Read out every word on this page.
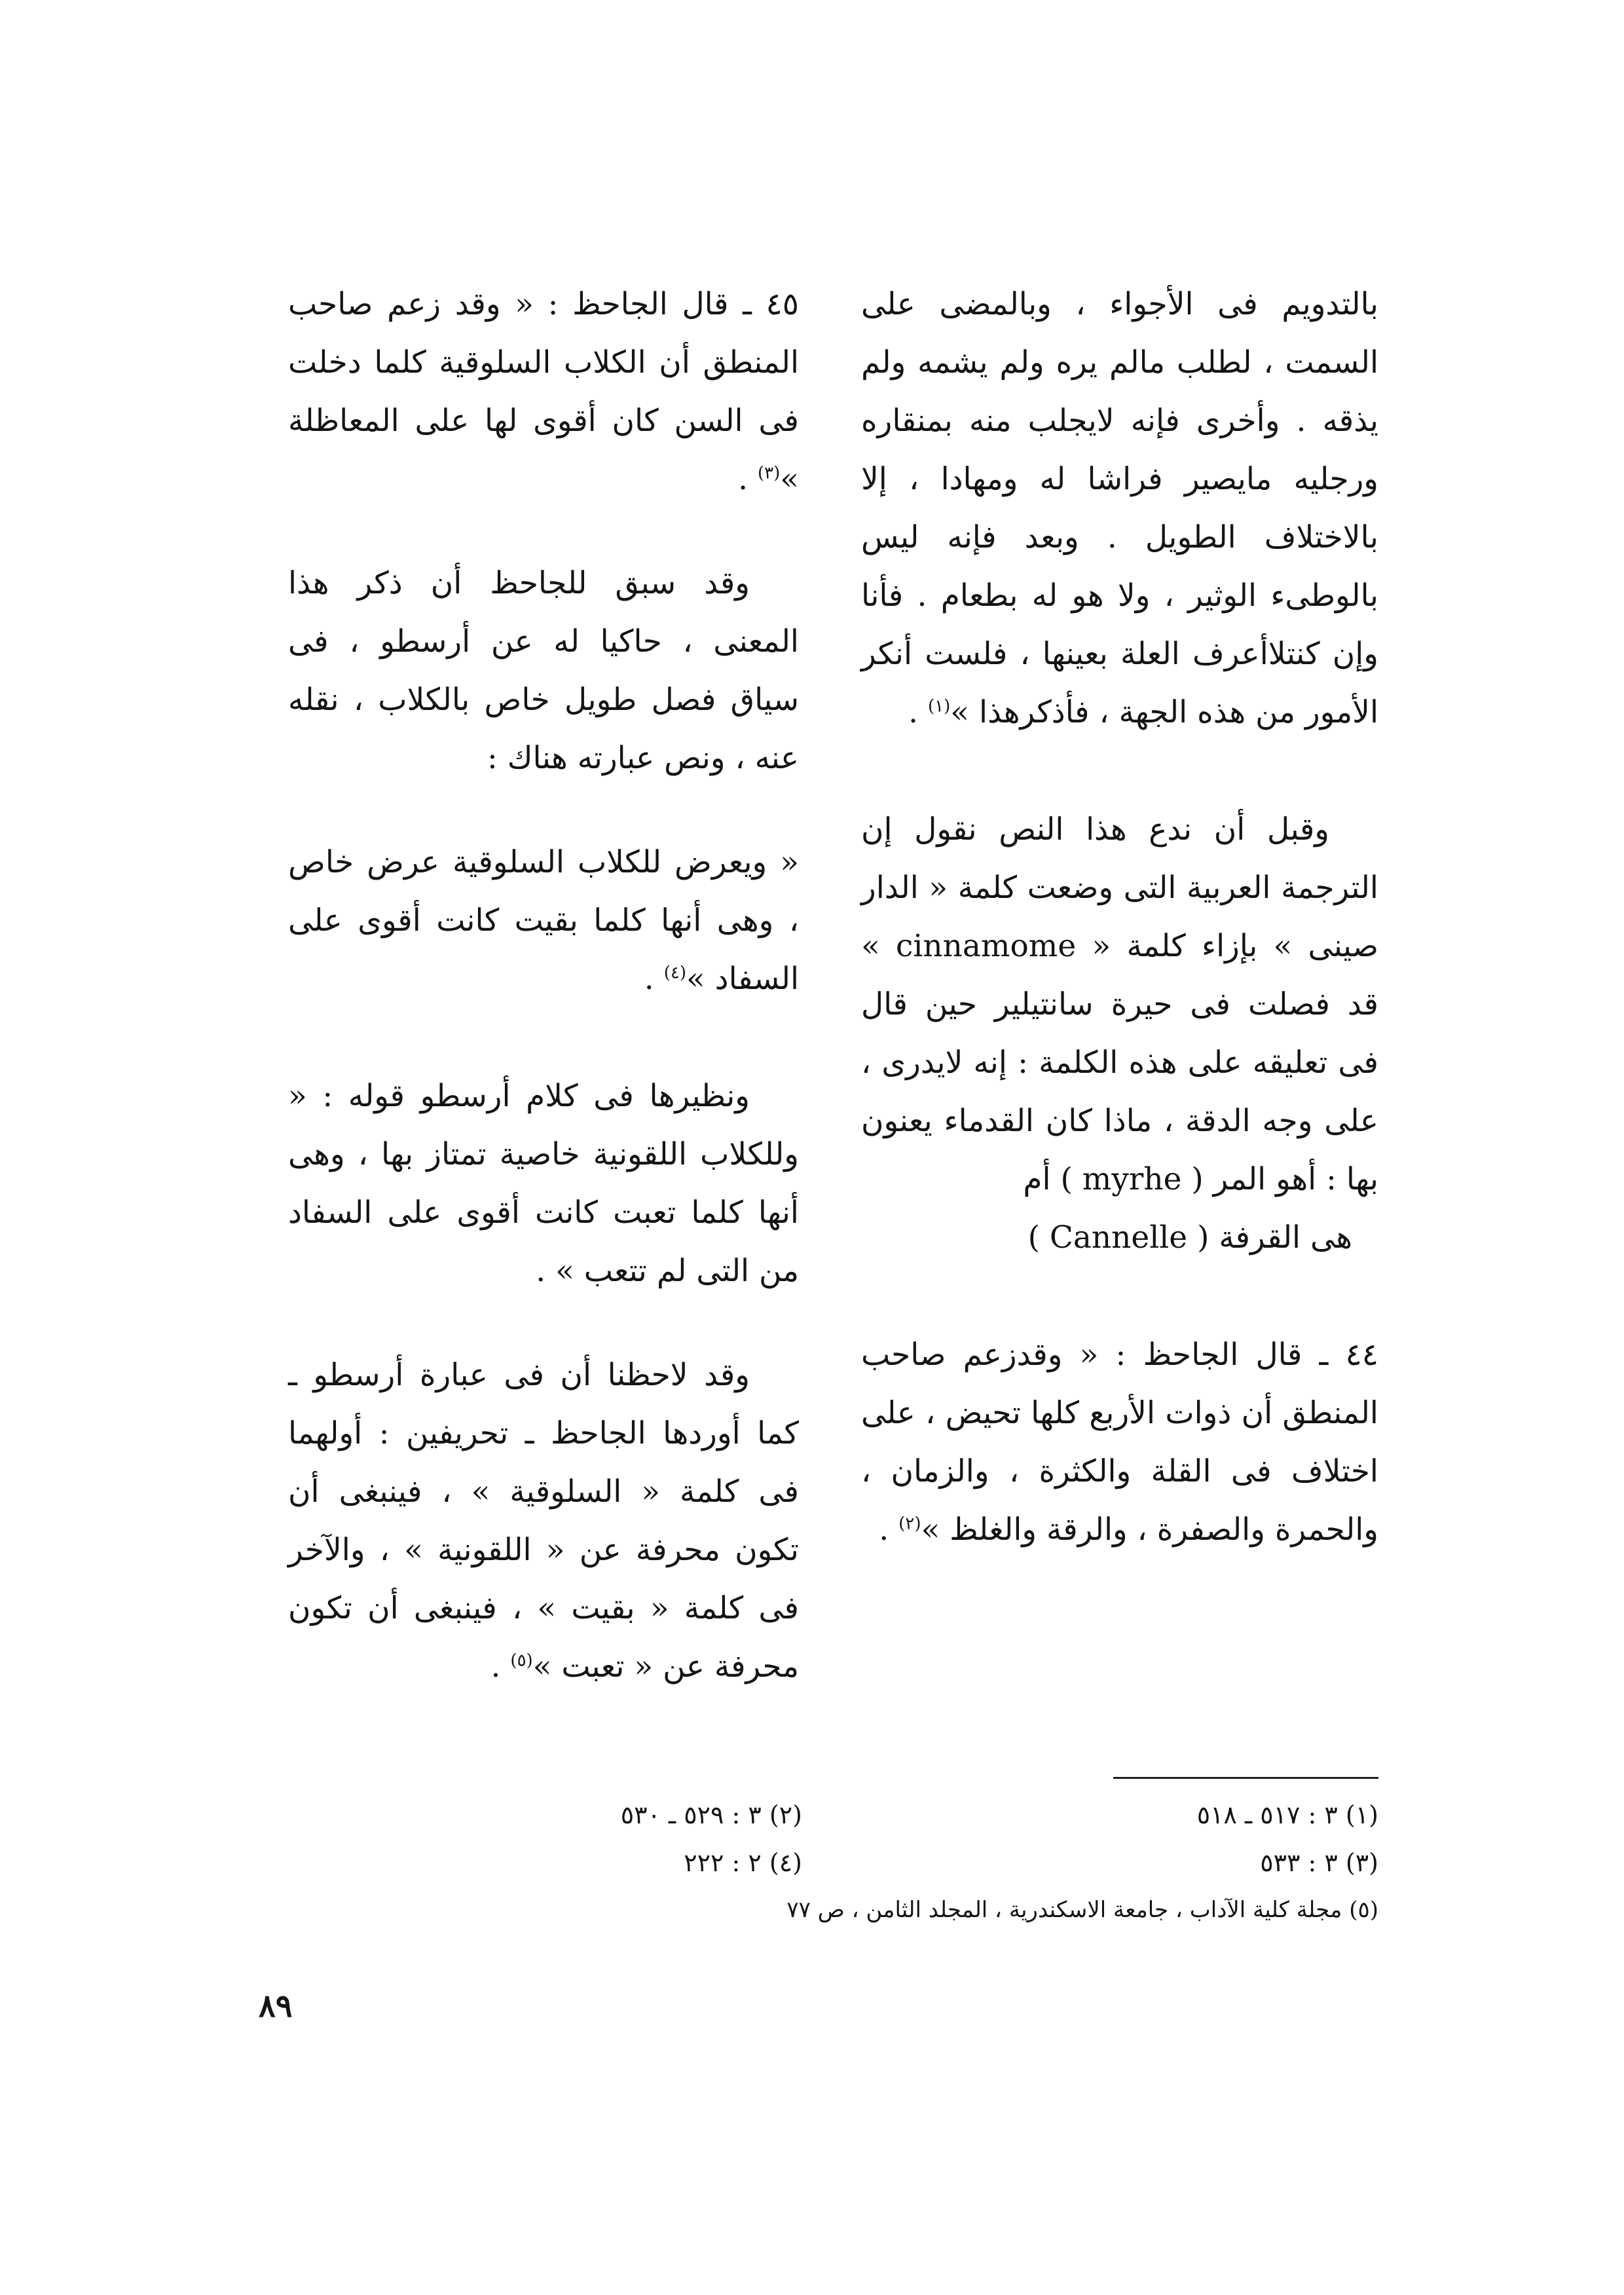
بالتدويم فى الأجواء ، وبالمضى على السمت ، لطلب مالم يره ولم يشمه ولم يذقه . وأخرى فإنه لايجلب منه بمنقاره ورجليه مايصير فراشا له ومهادا ، إلا بالاختلاف الطويل . وبعد فإنه ليس بالوطىء الوثير ، ولا هو له بطعام . فأنا وإن كنتلاأعرف العلة بعينها ، فلست أنكر الأمور من هذه الجهة ، فأذكرهذا »$^{(١)}$ .

وقبل أن ندع هذا النص نقول إن الترجمة العربية التى وضعت كلمة « الدار صينى » بإزاء كلمة « cinnamome » قد فصلت فى حيرة سانتيلير حين قال فى تعليقه على هذه الكلمة : إنه لايدرى ، على وجه الدقة ، ماذا كان القدماء يعنون بها : أهو المر ( myrhe ) أم

هى القرفة ( Cannelle )

٤٤ ـ قال الجاحظ : « وقدزعم صاحب المنطق أن ذوات الأربع كلها تحيض ، على اختلاف فى القلة والكثرة ، والزمان ، والحمرة والصفرة ، والرقة والغلظ »$^{(٢)}$ .

٤٥ ـ قال الجاحظ : « وقد زعم صاحب المنطق أن الكلاب السلوقية كلما دخلت فى السن كان أقوى لها على المعاظلة »$^{(٣)}$ .

وقد سبق للجاحظ أن ذكر هذا المعنى ، حاكيا له عن أرسطو ، فى سياق فصل طويل خاص بالكلاب ، نقله عنه ، ونص عبارته هناك :

« ويعرض للكلاب السلوقية عرض خاص ، وهى أنها كلما بقيت كانت أقوى على السفاد »$^{(٤)}$ .

ونظيرها فى كلام أرسطو قوله : « وللكلاب اللقونية خاصية تمتاز بها ، وهى أنها كلما تعبت كانت أقوى على السفاد من التى لم تتعب » .

وقد لاحظنا أن فى عبارة أرسطو ـ كما أوردها الجاحظ ـ تحريفين : أولهما فى كلمة « السلوقية » ، فينبغى أن تكون محرفة عن « اللقونية » ، والآخر فى كلمة « بقيت » ، فينبغى أن تكون محرفة عن « تعبت »$^{(٥)}$ .

(١) ٣ : ٥١٧ ـ ٥١٨
(٢) ٣ : ٥٢٩ ـ ٥٣٠
(٣) ٣ : ٥٣٣
(٤) ٢ : ٢٢٢
(٥) مجلة كلية الآداب ، جامعة الاسكندرية ، المجلد الثامن ، ص ٧٧
٨٩
